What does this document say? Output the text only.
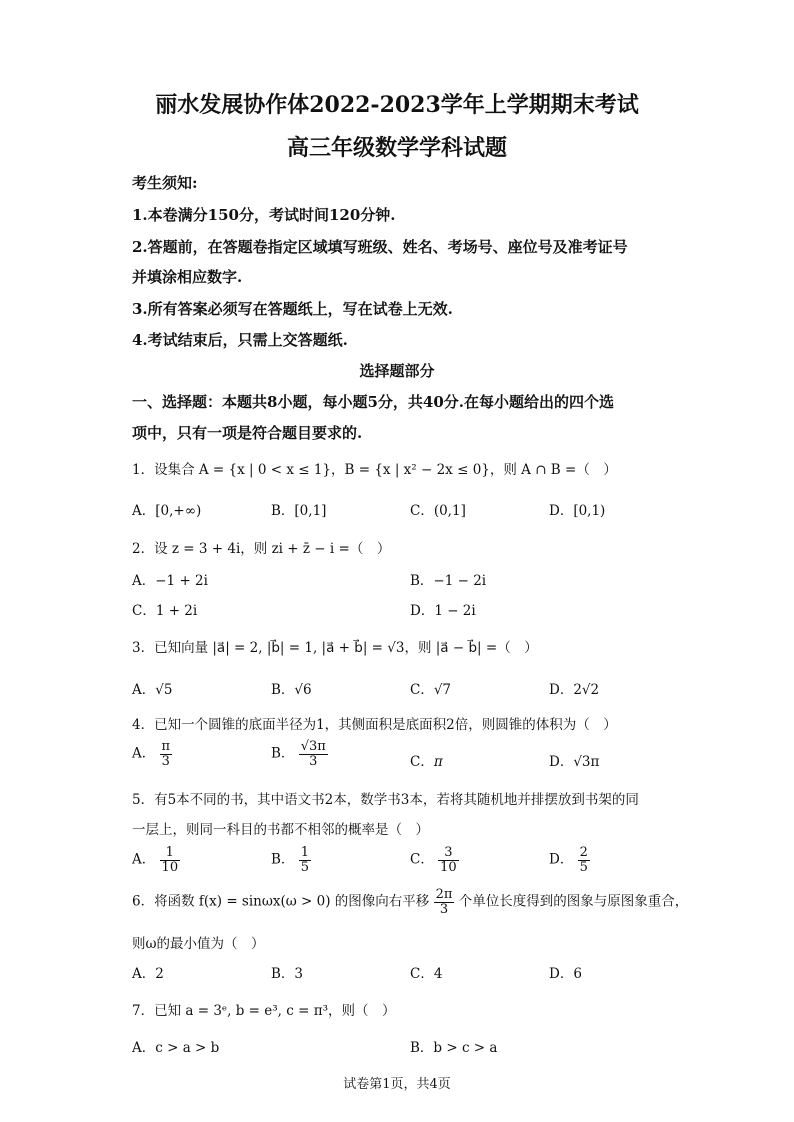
丽水发展协作体2022-2023学年上学期期末考试
高三年级数学学科试题
考生须知:
1.本卷满分150分，考试时间120分钟.
2.答题前，在答题卷指定区域填写班级、姓名、考场号、座位号及准考证号
并填涂相应数字.
3.所有答案必须写在答题纸上，写在试卷上无效.
4.考试结束后，只需上交答题纸.
选择题部分
一、选择题：本题共8小题，每小题5分，共40分.在每小题给出的四个选
项中，只有一项是符合题目要求的.
1．设集合 A = {x | 0 < x ≤ 1}，B = {x | x² − 2x ≤ 0}，则 A ∩ B =（　）
A．[0,+∞)	B．[0,1]	C．(0,1]	D．[0,1)
2．设 z = 3 + 4i，则 zi + z̄ − i =（　）
A．−1 + 2i	B．−1 − 2i
C．1 + 2i	D．1 − 2i
3．已知向量 |a⃗| = 2, |b⃗| = 1, |a⃗ + b⃗| = √3，则 |a⃗ − b⃗| =（　）
A．√5	B．√6	C．√7	D．2√2
4．已知一个圆锥的底面半径为1，其侧面积是底面积2倍，则圆锥的体积为（　）
A． $\frac{\pi}{3}$	B． $\frac{√3\pi}{3}$	C．π	D．√3π
5．有5本不同的书，其中语文书2本，数学书3本，若将其随机地并排摆放到书架的同
一层上，则同一科目的书都不相邻的概率是（　）
A． $\frac{1}{10}$	B． $\frac{1}{5}$	C． $\frac{3}{10}$	D． $\frac{2}{5}$
6．将函数 f(x) = sinωx(ω > 0) 的图像向右平移 $\frac{2\pi}{3}$ 个单位长度得到的图象与原图象重合，
则ω的最小值为（　）
A．2	B．3	C．4	D．6
7．已知 a = 3ᵉ, b = e³, c = π³，则（　）
A．c > a > b	B．b > c > a
试卷第1页，共4页
